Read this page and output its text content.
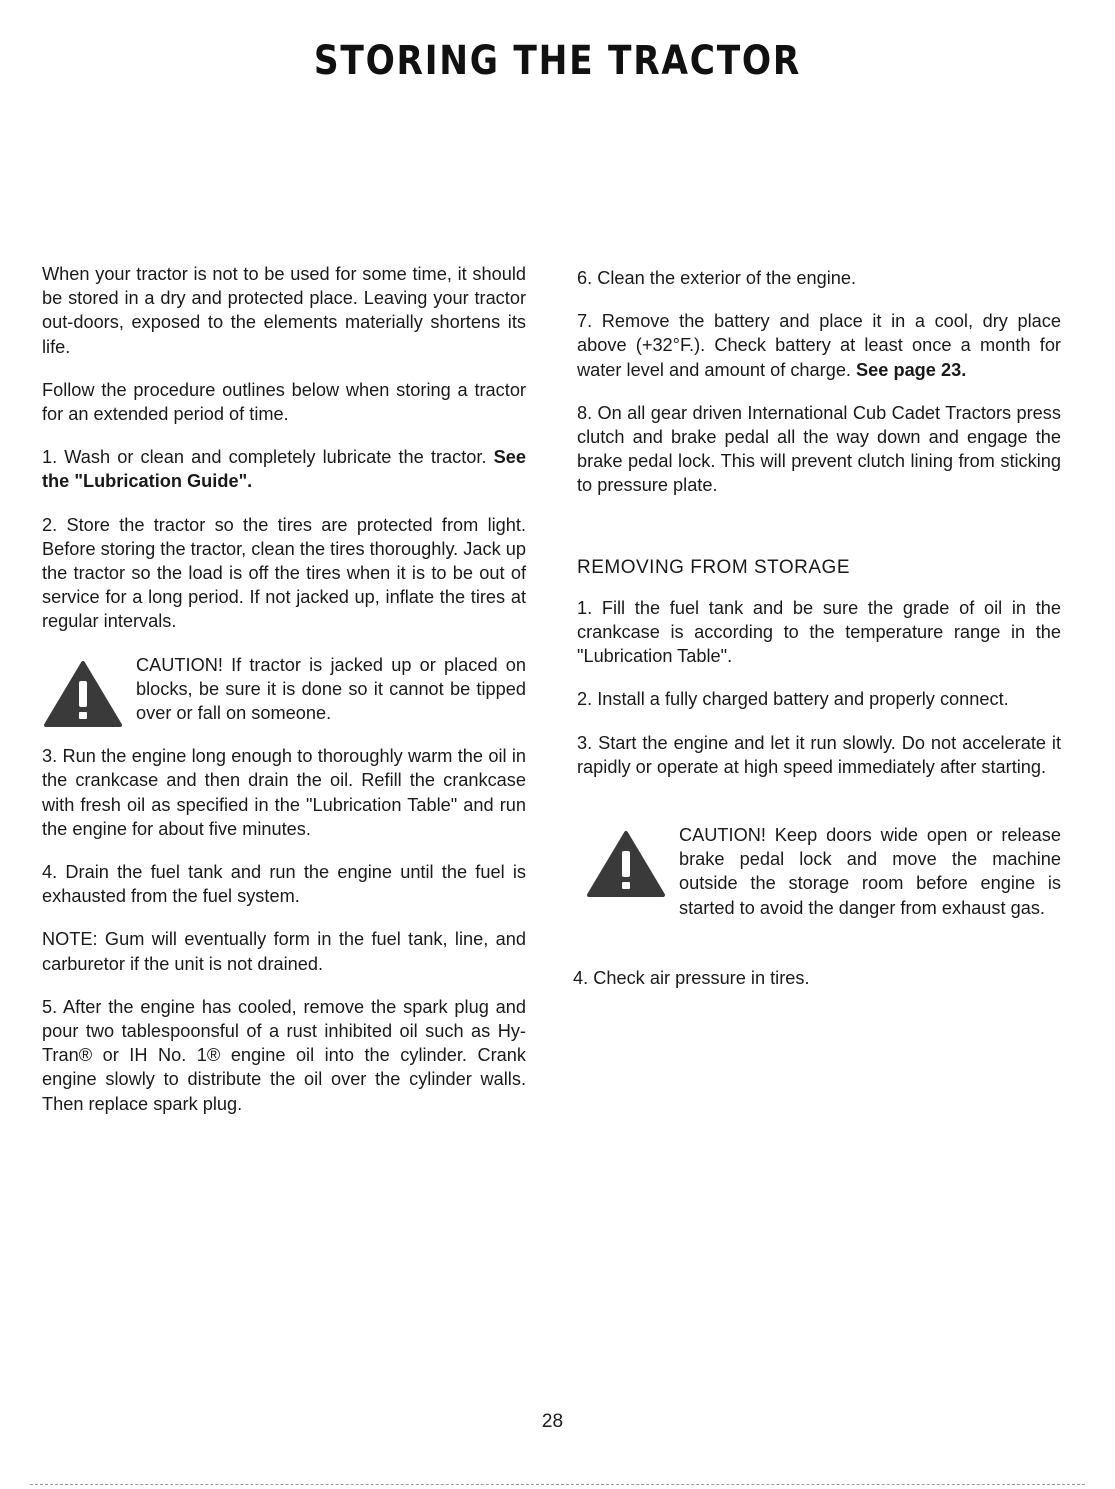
STORING THE TRACTOR

When your tractor is not to be used for some time, it should be stored in a dry and protected place. Leaving your tractor out-doors, exposed to the elements materially shortens its life.

Follow the procedure outlines below when storing a tractor for an extended period of time.

1. Wash or clean and completely lubricate the tractor. See the "Lubrication Guide".

2. Store the tractor so the tires are protected from light. Before storing the tractor, clean the tires thoroughly. Jack up the tractor so the load is off the tires when it is to be out of service for a long period. If not jacked up, inflate the tires at regular intervals.

CAUTION! If tractor is jacked up or placed on blocks, be sure it is done so it cannot be tipped over or fall on someone.

3. Run the engine long enough to thoroughly warm the oil in the crankcase and then drain the oil. Refill the crankcase with fresh oil as specified in the "Lubrication Table" and run the engine for about five minutes.

4. Drain the fuel tank and run the engine until the fuel is exhausted from the fuel system.

NOTE: Gum will eventually form in the fuel tank, line, and carburetor if the unit is not drained.

5. After the engine has cooled, remove the spark plug and pour two tablespoonsful of a rust inhibited oil such as Hy-Tran® or IH No. 1® engine oil into the cylinder. Crank engine slowly to distribute the oil over the cylinder walls. Then replace spark plug.

6. Clean the exterior of the engine.

7. Remove the battery and place it in a cool, dry place above (+32°F.). Check battery at least once a month for water level and amount of charge. See page 23.

8. On all gear driven International Cub Cadet Tractors press clutch and brake pedal all the way down and engage the brake pedal lock. This will prevent clutch lining from sticking to pressure plate.

REMOVING FROM STORAGE

1. Fill the fuel tank and be sure the grade of oil in the crankcase is according to the temperature range in the "Lubrication Table".

2. Install a fully charged battery and properly connect.

3. Start the engine and let it run slowly. Do not accelerate it rapidly or operate at high speed immediately after starting.

CAUTION! Keep doors wide open or release brake pedal lock and move the machine outside the storage room before engine is started to avoid the danger from exhaust gas.

4. Check air pressure in tires.

28
